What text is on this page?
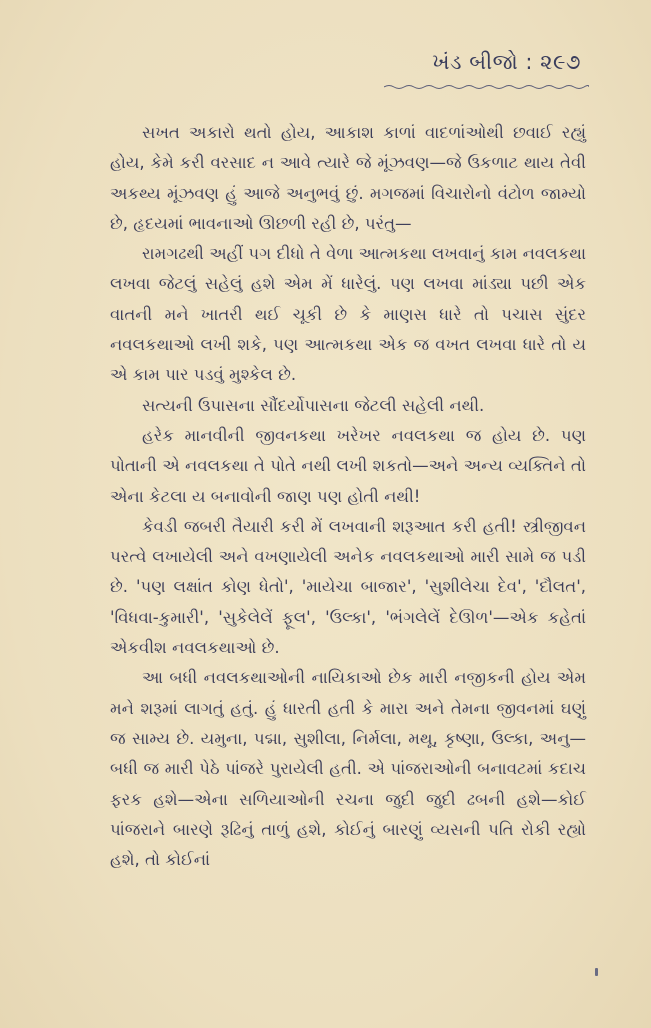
ખંડ બીજો : ૨૯૭

સખત અકારો થતો હોય, આકાશ કાળાં વાદળાંઓથી છવાઈ રહ્યું હોય, કેમે કરી વરસાદ ન આવે ત્યારે જે મૂંઝવણ—જે ઉકળાટ થાય તેવી અકથ્ય મૂંઝવણ હું આજે અનુભવું છું. મગજમાં વિચારોનો વંટોળ જામ્યો છે, હૃદયમાં ભાવનાઓ ઊછળી રહી છે, પરંતુ—

રામગઢથી અહીં પગ દીધો તે વેળા આત્મકથા લખવાનું કામ નવલકથા લખવા જેટલું સહેલું હશે એમ મેં ધારેલું. પણ લખવા માંડ્યા પછી એક વાતની મને ખાતરી થઈ ચૂકી છે કે માણસ ધારે તો પચાસ સુંદર નવલકથાઓ લખી શકે, પણ આત્મકથા એક જ વખત લખવા ધારે તો ય એ કામ પાર પડવું મુશ્કેલ છે.

સત્યની ઉપાસના સૌંદર્યોપાસના જેટલી સહેલી નથી.

હરેક માનવીની જીવનકથા ખરેખર નવલકથા જ હોય છે. પણ પોતાની એ નવલકથા તે પોતે નથી લખી શકતો—અને અન્ય વ્યક્તિને તો એના કેટલા ય બનાવોની જાણ પણ હોતી નથી!

કેવડી જબરી તૈયારી કરી મેં લખવાની શરૂઆત કરી હતી! સ્ત્રીજીવન પરત્વે લખાયેલી અને વખણાયેલી અનેક નવલકથાઓ મારી સામે જ પડી છે. 'પણ લક્ષાંત કોણ ધેતો', 'માયેચા બાજાર', 'સુશીલેચા દેવ', 'દૌલત', 'વિધવા-કુમારી', 'સુકેલેલેં ફૂલ', 'ઉલ્કા', 'ભંગલેલેં દેઊળ'—એક કહેતાં એકવીશ નવલકથાઓ છે.

આ બધી નવલકથાઓની નાયિકાઓ છેક મારી નજીકની હોય એમ મને શરૂમાં લાગતું હતું. હું ધારતી હતી કે મારા અને તેમના જીવનમાં ઘણું જ સામ્ય છે. યમુના, પદ્મા, સુશીલા, નિર્મલા, મથૂ, કૃષ્ણા, ઉલ્કા, અનુ—બધી જ મારી પેઠે પાંજરે પુરાયેલી હતી. એ પાંજરાઓની બનાવટમાં કદાચ ફરક હશે—એના સળિયાઓની રચના જુદી જુદી ઢબની હશે—કોઈ પાંજરાને બારણે રૂઢિનું તાળું હશે, કોઈનું બારણું વ્યસની પતિ રોકી રહ્યો હશે, તો કોઈનાં
